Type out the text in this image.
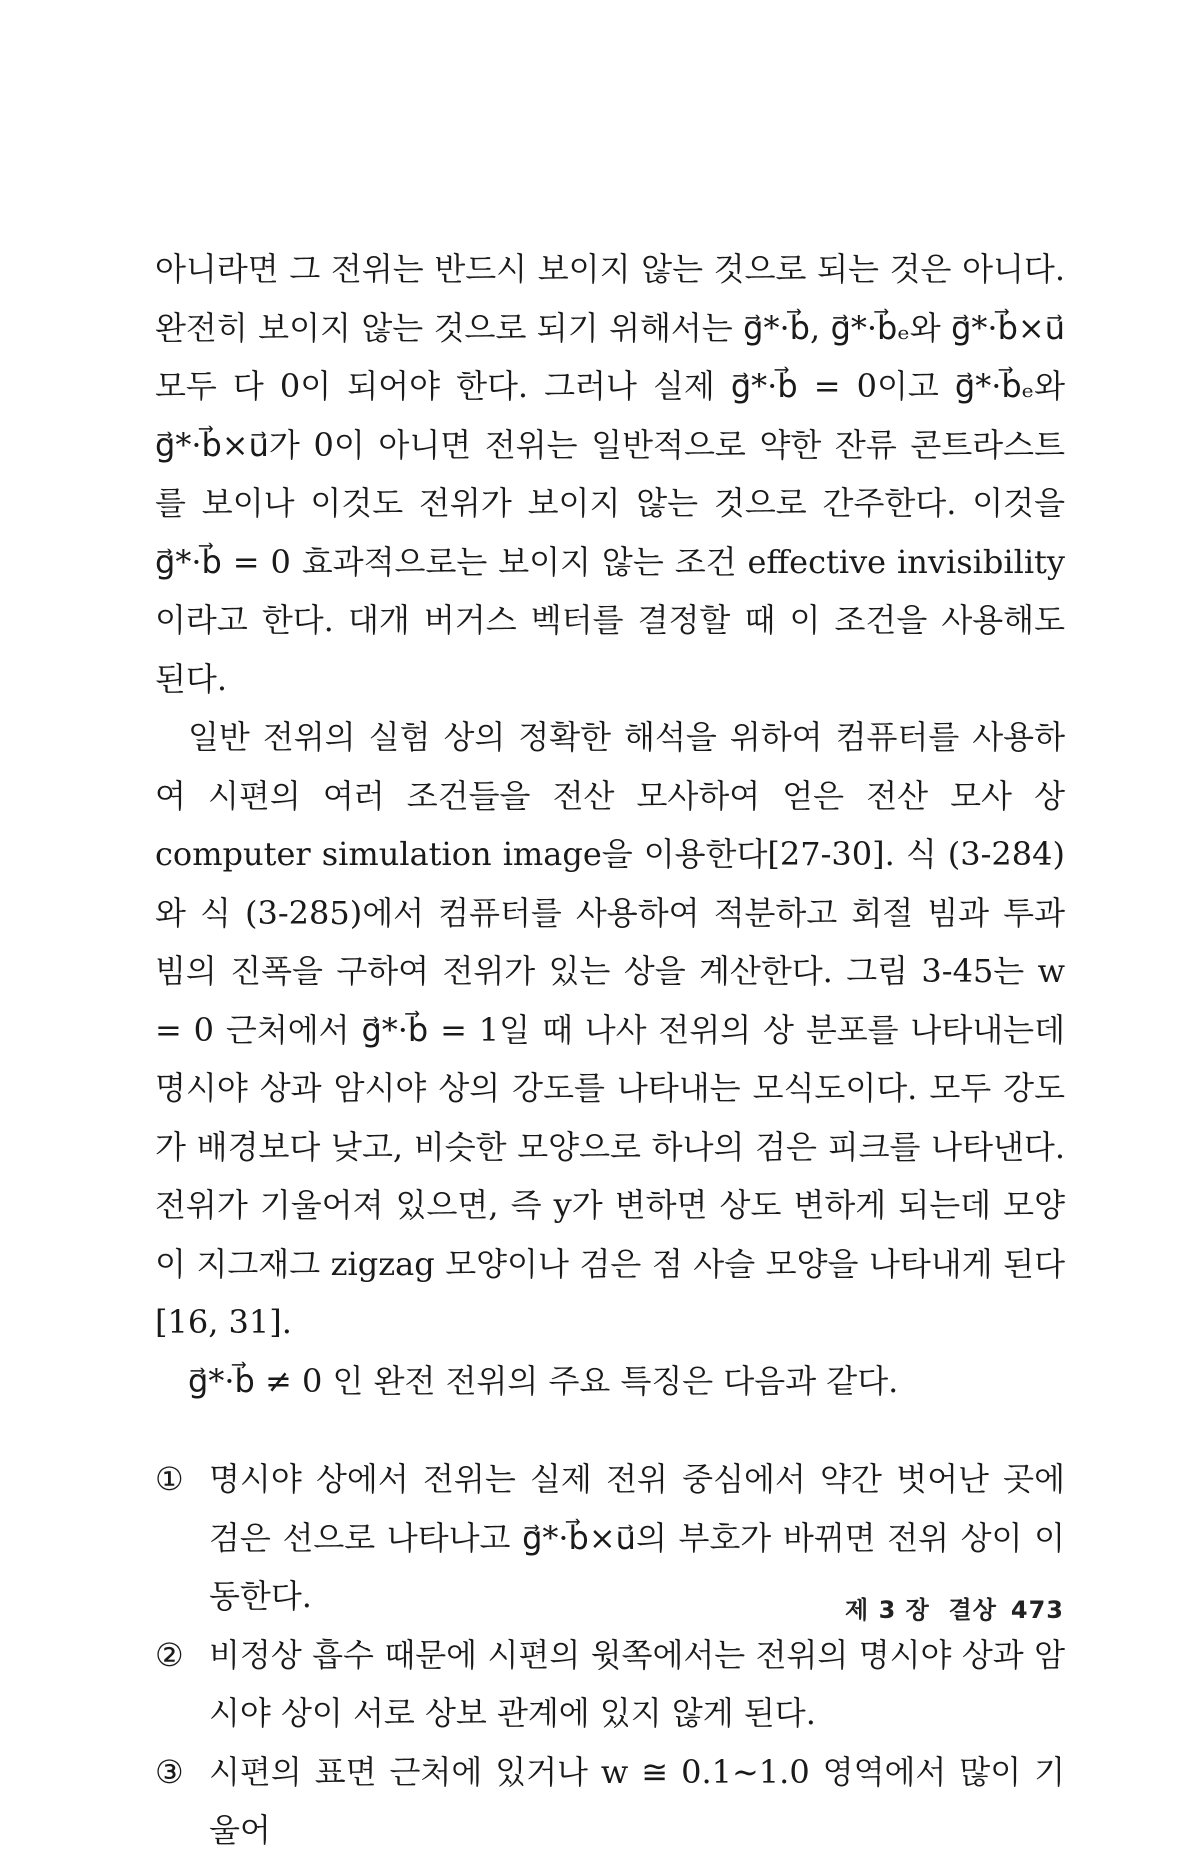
아니라면 그 전위는 반드시 보이지 않는 것으로 되는 것은 아니다. 완전히 보이지 않는 것으로 되기 위해서는 g⃗*·b⃗, g⃗*·b⃗ₑ와 g⃗*·b⃗×u⃗ 모두 다 0이 되어야 한다. 그러나 실제 g⃗*·b⃗ = 0이고 g⃗*·b⃗ₑ와 g⃗*·b⃗×u⃗가 0이 아니면 전위는 일반적으로 약한 잔류 콘트라스트를 보이나 이것도 전위가 보이지 않는 것으로 간주한다. 이것을 g⃗*·b⃗ = 0 효과적으로는 보이지 않는 조건 effective invisibility이라고 한다. 대개 버거스 벡터를 결정할 때 이 조건을 사용해도 된다.

일반 전위의 실험 상의 정확한 해석을 위하여 컴퓨터를 사용하여 시편의 여러 조건들을 전산 모사하여 얻은 전산 모사 상 computer simulation image을 이용한다[27-30]. 식 (3-284)와 식 (3-285)에서 컴퓨터를 사용하여 적분하고 회절 빔과 투과 빔의 진폭을 구하여 전위가 있는 상을 계산한다. 그림 3-45는 w = 0 근처에서 g⃗*·b⃗ = 1일 때 나사 전위의 상 분포를 나타내는데 명시야 상과 암시야 상의 강도를 나타내는 모식도이다. 모두 강도가 배경보다 낮고, 비슷한 모양으로 하나의 검은 피크를 나타낸다. 전위가 기울어져 있으면, 즉 y가 변하면 상도 변하게 되는데 모양이 지그재그 zigzag 모양이나 검은 점 사슬 모양을 나타내게 된다[16, 31].

g⃗*·b⃗ ≠ 0 인 완전 전위의 주요 특징은 다음과 같다.

① 명시야 상에서 전위는 실제 전위 중심에서 약간 벗어난 곳에 검은 선으로 나타나고 g⃗*·b⃗×u⃗의 부호가 바뀌면 전위 상이 이동한다.
② 비정상 흡수 때문에 시편의 윗쪽에서는 전위의 명시야 상과 암시야 상이 서로 상보 관계에 있지 않게 된다.
③ 시편의 표면 근처에 있거나 w ≅ 0.1∼1.0 영역에서 많이 기울어
제 3 장  결상 473
